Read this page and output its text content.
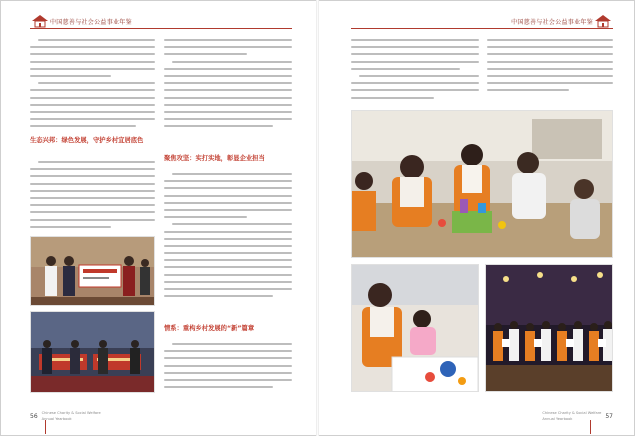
中国慈善与社会公益事业年鉴
生态兴邦：绿色发展，守护乡村宜居底色
聚焦攻坚：实打实地，彰显企业担当
情系：重构乡村发展的“新”篇章
56 Chinese Charity & Social Welfare
Annual Yearbook
中国慈善与社会公益事业年鉴
Chinese Charity & Social Welfare
Annual Yearbook	57
